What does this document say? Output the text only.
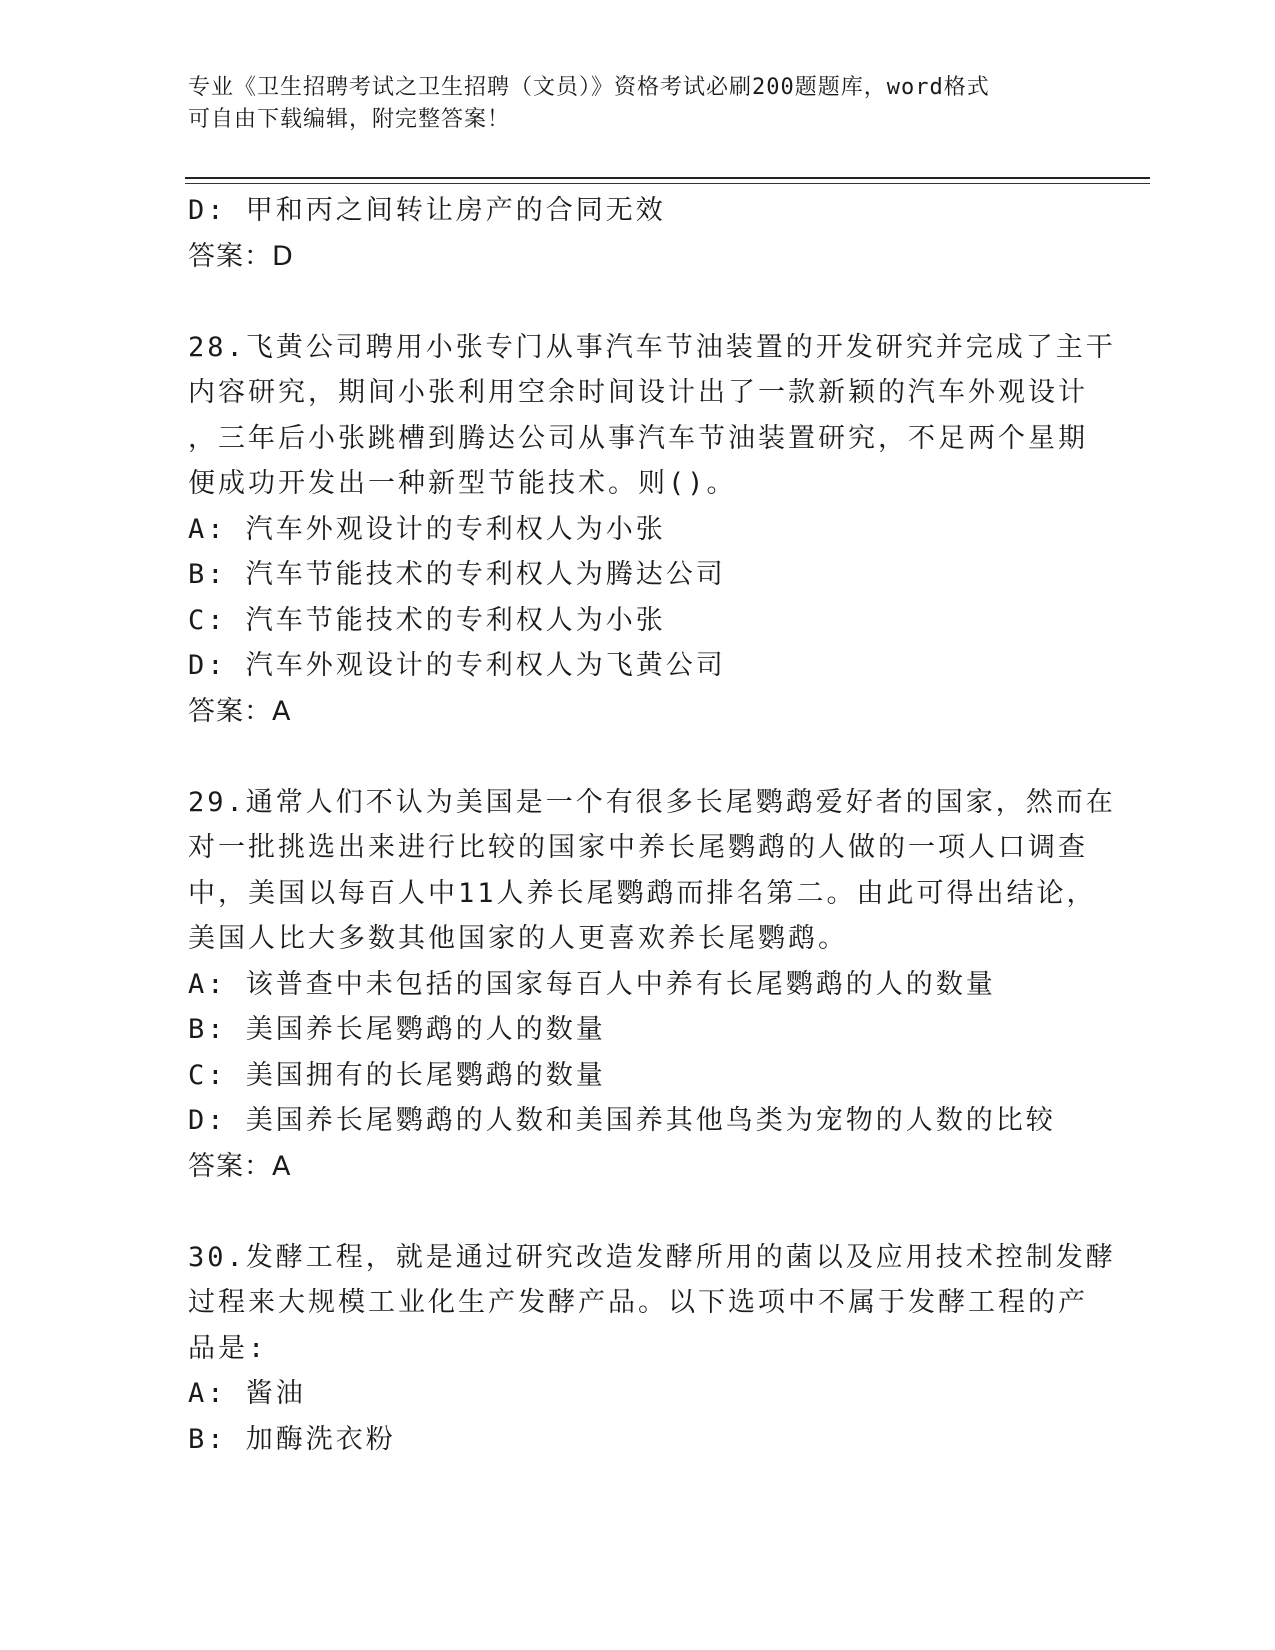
专业《卫生招聘考试之卫生招聘（文员）》资格考试必刷200题题库，word格式
可自由下载编辑，附完整答案！
D: 甲和丙之间转让房产的合同无效
答案：D
28.飞黄公司聘用小张专门从事汽车节油装置的开发研究并完成了主干
内容研究，期间小张利用空余时间设计出了一款新颖的汽车外观设计
，三年后小张跳槽到腾达公司从事汽车节油装置研究，不足两个星期
便成功开发出一种新型节能技术。则()。
A: 汽车外观设计的专利权人为小张
B: 汽车节能技术的专利权人为腾达公司
C: 汽车节能技术的专利权人为小张
D: 汽车外观设计的专利权人为飞黄公司
答案：A
29.通常人们不认为美国是一个有很多长尾鹦鹉爱好者的国家，然而在
对一批挑选出来进行比较的国家中养长尾鹦鹉的人做的一项人口调查
中，美国以每百人中11人养长尾鹦鹉而排名第二。由此可得出结论，
美国人比大多数其他国家的人更喜欢养长尾鹦鹉。
A: 该普查中未包括的国家每百人中养有长尾鹦鹉的人的数量
B: 美国养长尾鹦鹉的人的数量
C: 美国拥有的长尾鹦鹉的数量
D: 美国养长尾鹦鹉的人数和美国养其他鸟类为宠物的人数的比较
答案：A
30.发酵工程，就是通过研究改造发酵所用的菌以及应用技术控制发酵
过程来大规模工业化生产发酵产品。以下选项中不属于发酵工程的产
品是:
A: 酱油
B: 加酶洗衣粉
